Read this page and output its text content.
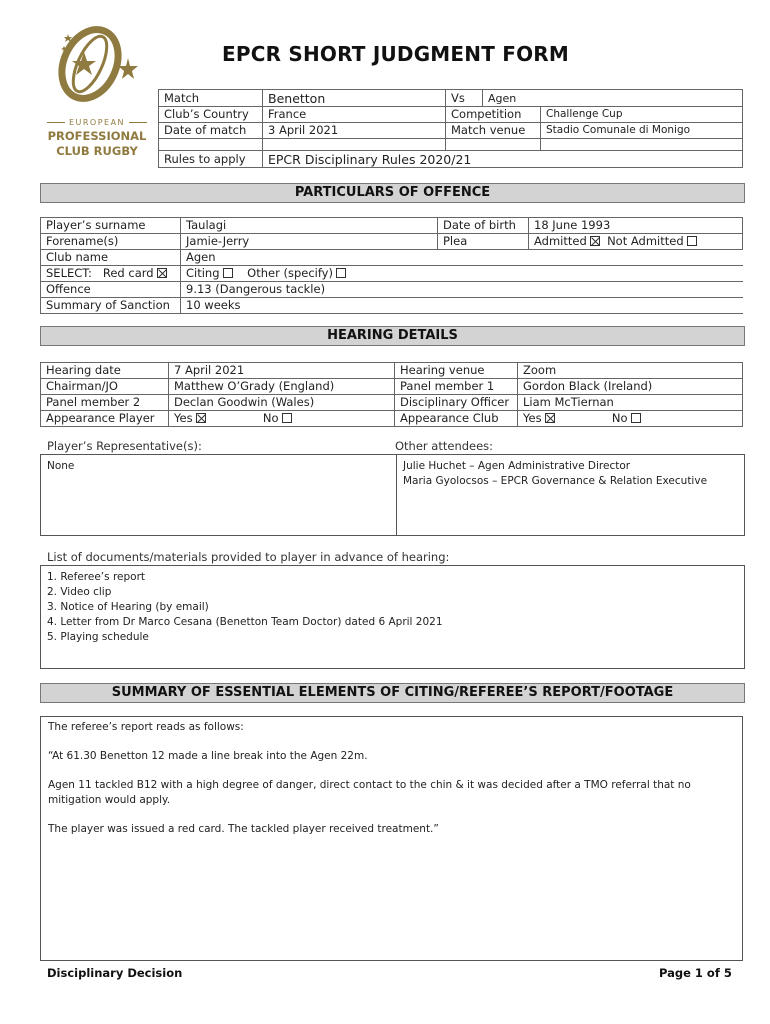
EUROPEAN
PROFESSIONAL
CLUB RUGBY
EPCR SHORT JUDGMENT FORM
Match	Benetton	Vs	Agen	
Club’s Country	France	Competition		Challenge Cup
Date of match	3 April 2021	Match venue		Stadio Comunale di Monigo

Rules to apply	EPCR Disciplinary Rules 2020/21			
PARTICULARS OF OFFENCE
Player’s surname	Taulagi	Date of birth	18 June 1993
Forename(s)	Jamie-Jerry	Plea	Admitted Not Admitted
Club name	Agen		
SELECT: Red card	Citing Other (specify)		
Offence	9.13 (Dangerous tackle)		
Summary of Sanction	10 weeks		
HEARING DETAILS
Hearing date	7 April 2021	Hearing venue	Zoom
Chairman/JO	Matthew O’Grady (England)	Panel member 1	Gordon Black (Ireland)
Panel member 2	Declan Goodwin (Wales)	Disciplinary Officer	Liam McTiernan
Appearance Player	Yes No	Appearance Club	Yes No
Player’s Representative(s):	Other attendees:
None	Julie Huchet – Agen Administrative Director
Maria Gyolocsos – EPCR Governance & Relation Executive
List of documents/materials provided to player in advance of hearing:
1. Referee’s report
2. Video clip
3. Notice of Hearing (by email)
4. Letter from Dr Marco Cesana (Benetton Team Doctor) dated 6 April 2021
5. Playing schedule
SUMMARY OF ESSENTIAL ELEMENTS OF CITING/REFEREE’S REPORT/FOOTAGE
The referee’s report reads as follows:
“At 61.30 Benetton 12 made a line break into the Agen 22m.
Agen 11 tackled B12 with a high degree of danger, direct contact to the chin & it was decided after a TMO referral that no mitigation would apply.
The player was issued a red card. The tackled player received treatment.”
Disciplinary Decision	Page 1 of 5
